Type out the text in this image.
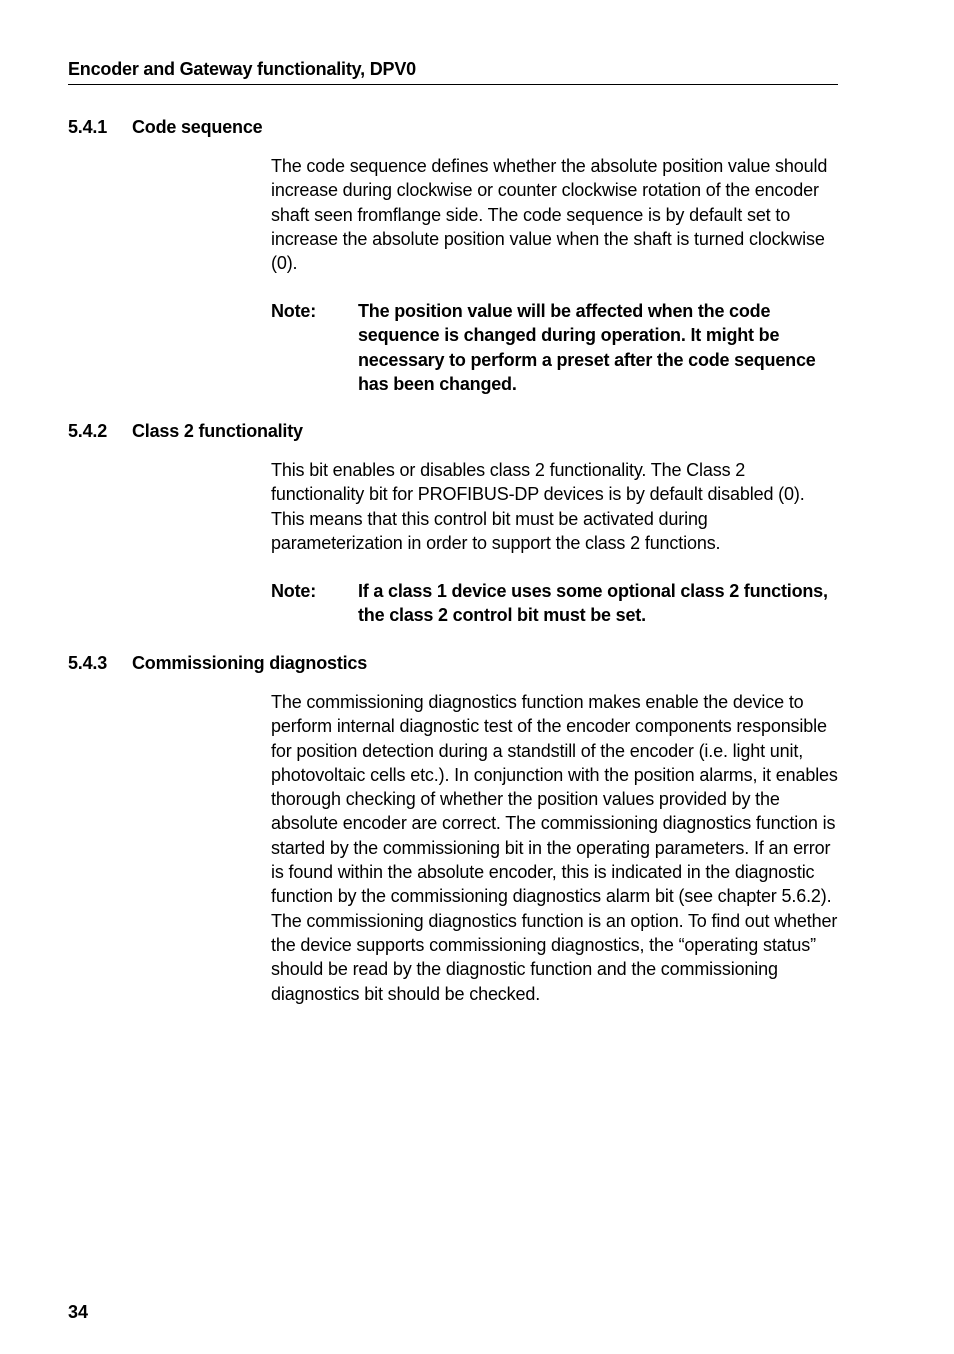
Encoder and Gateway functionality, DPV0
5.4.1	Code sequence

The code sequence defines whether the absolute position value should increase during clockwise or counter clockwise rotation of the encoder shaft seen fromflange side. The code sequence is by default set to increase the absolute position value when the shaft is turned clockwise (0).

Note:	The position value will be affected when the code sequence is changed during operation. It might be necessary to perform a preset after the code sequence has been changed.
5.4.2	Class 2 functionality

This bit enables or disables class 2 functionality. The Class 2 functionality bit for PROFIBUS-DP devices is by default disabled (0). This means that this control bit must be activated during parameterization in order to support the class 2 functions.

Note:	If a class 1 device uses some optional class 2 functions, the class 2 control bit must be set.
5.4.3	Commissioning diagnostics

The commissioning diagnostics function makes enable the device to perform internal diagnostic test of the encoder components responsible for position detection during a standstill of the encoder (i.e. light unit, photovoltaic cells etc.). In conjunction with the position alarms, it enables thorough checking of whether the position values provided by the absolute encoder are correct. The commissioning diagnostics function is started by the commissioning bit in the operating parameters. If an error is found within the absolute encoder, this is indicated in the diagnostic function by the commissioning diagnostics alarm bit (see chapter 5.6.2).

The commissioning diagnostics function is an option. To find out whether the device supports commissioning diagnostics, the “operating status” should be read by the diagnostic function and the commissioning diagnostics bit should be checked.

34
